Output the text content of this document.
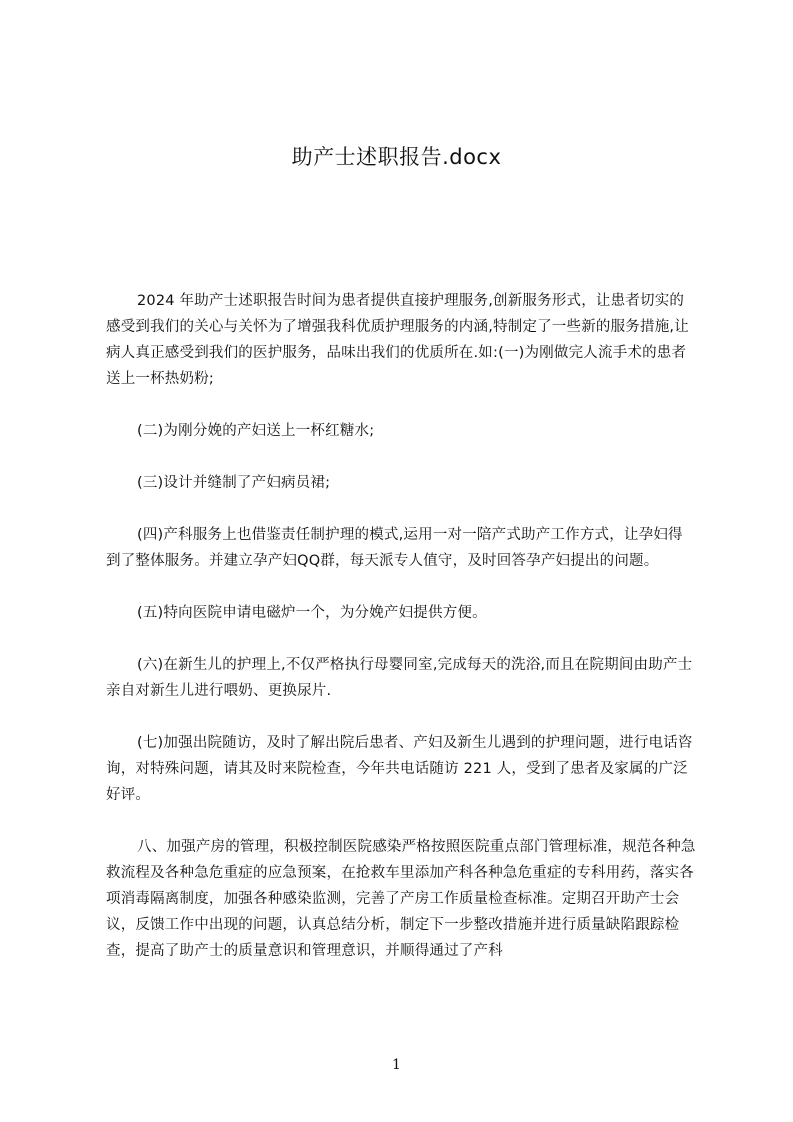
助产士述职报告.docx

2024 年助产士述职报告时间为患者提供直接护理服务,创新服务形式，让患者切实的感受到我们的关心与关怀为了增强我科优质护理服务的内涵,特制定了一些新的服务措施,让病人真正感受到我们的医护服务，品味出我们的优质所在.如:(一)为刚做完人流手术的患者送上一杯热奶粉;

(二)为刚分娩的产妇送上一杯红糖水;

(三)设计并缝制了产妇病员裙;

(四)产科服务上也借鉴责任制护理的模式,运用一对一陪产式助产工作方式，让孕妇得到了整体服务。并建立孕产妇QQ群，每天派专人值守，及时回答孕产妇提出的问题。

(五)特向医院申请电磁炉一个，为分娩产妇提供方便。

(六)在新生儿的护理上,不仅严格执行母婴同室,完成每天的洗浴,而且在院期间由助产士亲自对新生儿进行喂奶、更换尿片.

(七)加强出院随访，及时了解出院后患者、产妇及新生儿遇到的护理问题，进行电话咨询，对特殊问题，请其及时来院检查，今年共电话随访 221 人，受到了患者及家属的广泛好评。

八、加强产房的管理，积极控制医院感染严格按照医院重点部门管理标准，规范各种急救流程及各种急危重症的应急预案，在抢救车里添加产科各种急危重症的专科用药，落实各项消毒隔离制度，加强各种感染监测，完善了产房工作质量检查标准。定期召开助产士会议，反馈工作中出现的问题，认真总结分析，制定下一步整改措施并进行质量缺陷跟踪检查，提高了助产士的质量意识和管理意识，并顺得通过了产科

1
